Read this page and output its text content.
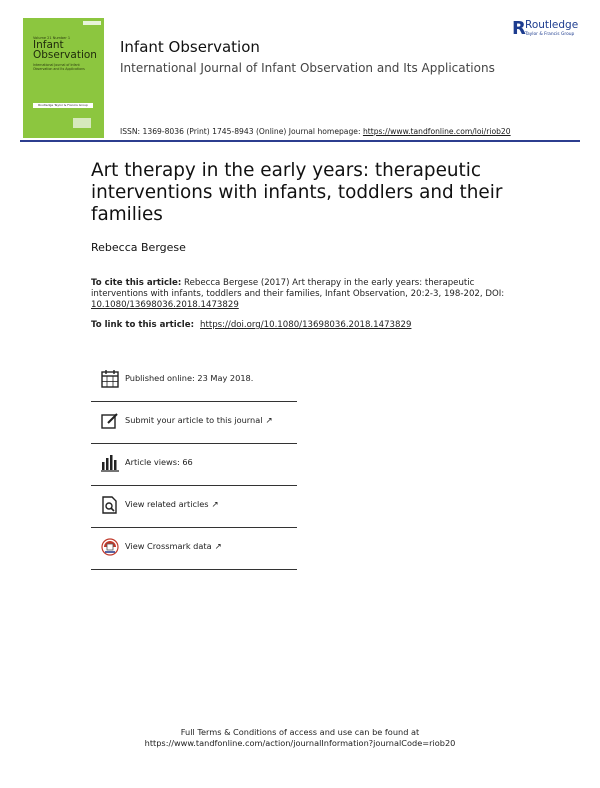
Volume 21 Number 1
Infant
Observation
International Journal of Infant Observation and Its Applications
Routledge Taylor & Francis Group
Infant Observation
International Journal of Infant Observation and Its Applications
ISSN: 1369-8036 (Print) 1745-8943 (Online) Journal homepage: https://www.tandfonline.com/loi/riob20
R Routledge
Taylor & Francis Group
Art therapy in the early years: therapeutic interventions with infants, toddlers and their families
Rebecca Bergese
To cite this article: Rebecca Bergese (2017) Art therapy in the early years: therapeutic interventions with infants, toddlers and their families, Infant Observation, 20:2-3, 198-202, DOI: 10.1080/13698036.2018.1473829
To link to this article: https://doi.org/10.1080/13698036.2018.1473829
Published online: 23 May 2018.
Submit your article to this journal ↗
Article views: 66
View related articles ↗
View Crossmark data ↗
Full Terms & Conditions of access and use can be found at
https://www.tandfonline.com/action/journalInformation?journalCode=riob20
